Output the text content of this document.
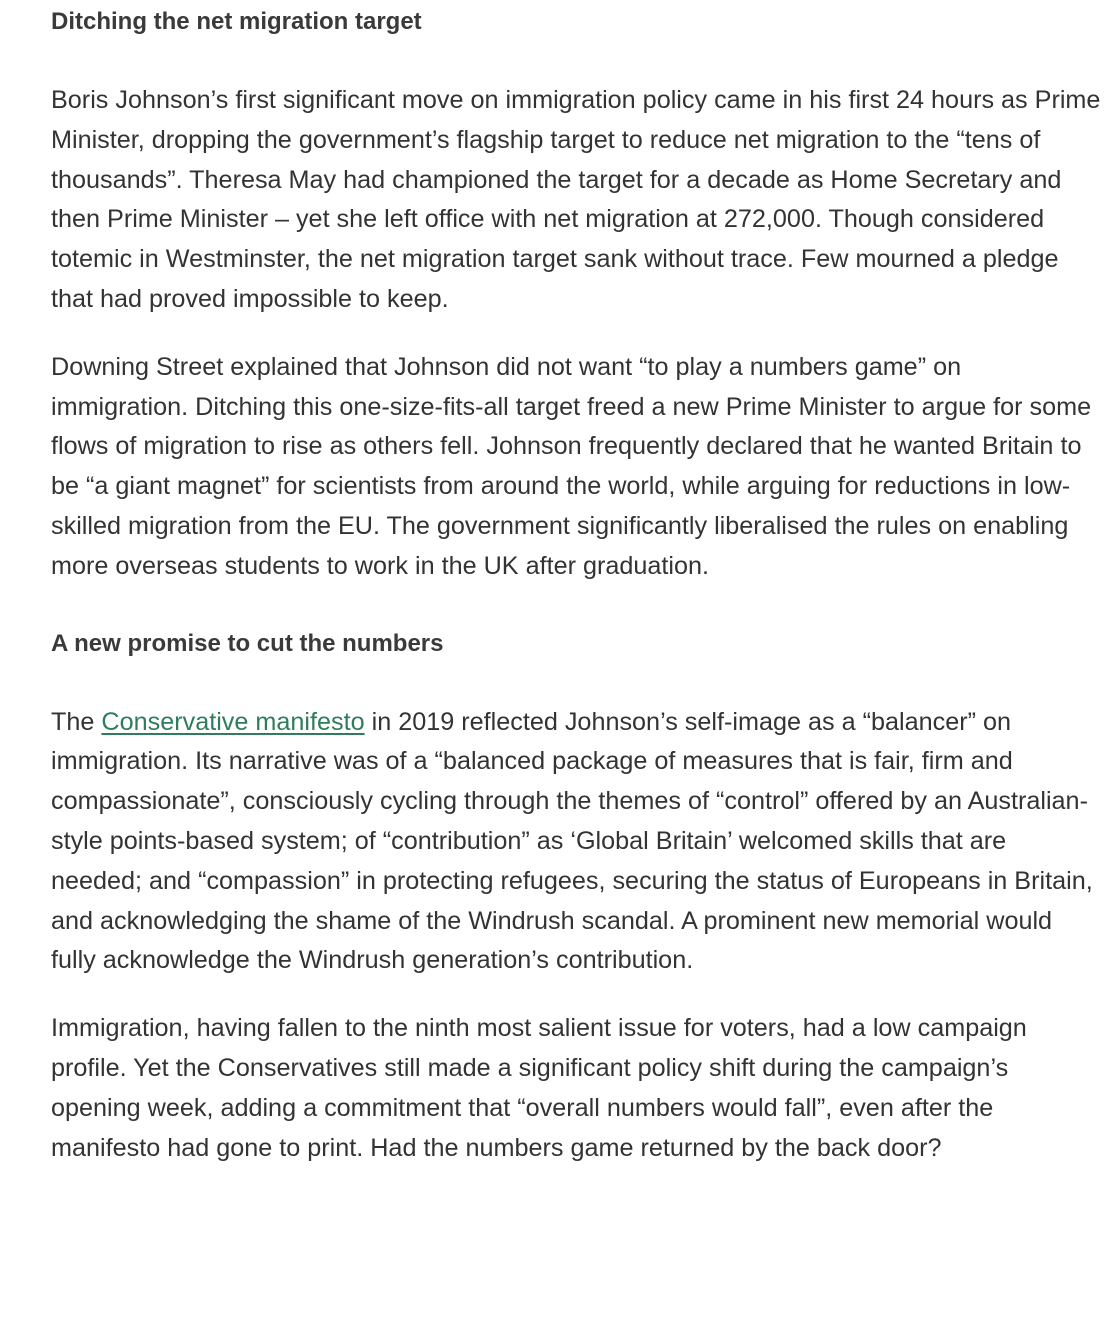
Ditching the net migration target

Boris Johnson’s first significant move on immigration policy came in his first 24 hours as Prime Minister, dropping the government’s flagship target to reduce net migration to the “tens of thousands”. Theresa May had championed the target for a decade as Home Secretary and then Prime Minister – yet she left office with net migration at 272,000. Though considered totemic in Westminster, the net migration target sank without trace. Few mourned a pledge that had proved impossible to keep.

Downing Street explained that Johnson did not want “to play a numbers game” on immigration. Ditching this one-size-fits-all target freed a new Prime Minister to argue for some flows of migration to rise as others fell. Johnson frequently declared that he wanted Britain to be “a giant magnet” for scientists from around the world, while arguing for reductions in low-skilled migration from the EU. The government significantly liberalised the rules on enabling more overseas students to work in the UK after graduation.

A new promise to cut the numbers

The Conservative manifesto in 2019 reflected Johnson’s self-image as a “balancer” on immigration. Its narrative was of a “balanced package of measures that is fair, firm and compassionate”, consciously cycling through the themes of “control” offered by an Australian-style points-based system; of “contribution” as ‘Global Britain’ welcomed skills that are needed; and “compassion” in protecting refugees, securing the status of Europeans in Britain, and acknowledging the shame of the Windrush scandal. A prominent new memorial would fully acknowledge the Windrush generation’s contribution.

Immigration, having fallen to the ninth most salient issue for voters, had a low campaign profile. Yet the Conservatives still made a significant policy shift during the campaign’s opening week, adding a commitment that “overall numbers would fall”, even after the manifesto had gone to print. Had the numbers game returned by the back door?
